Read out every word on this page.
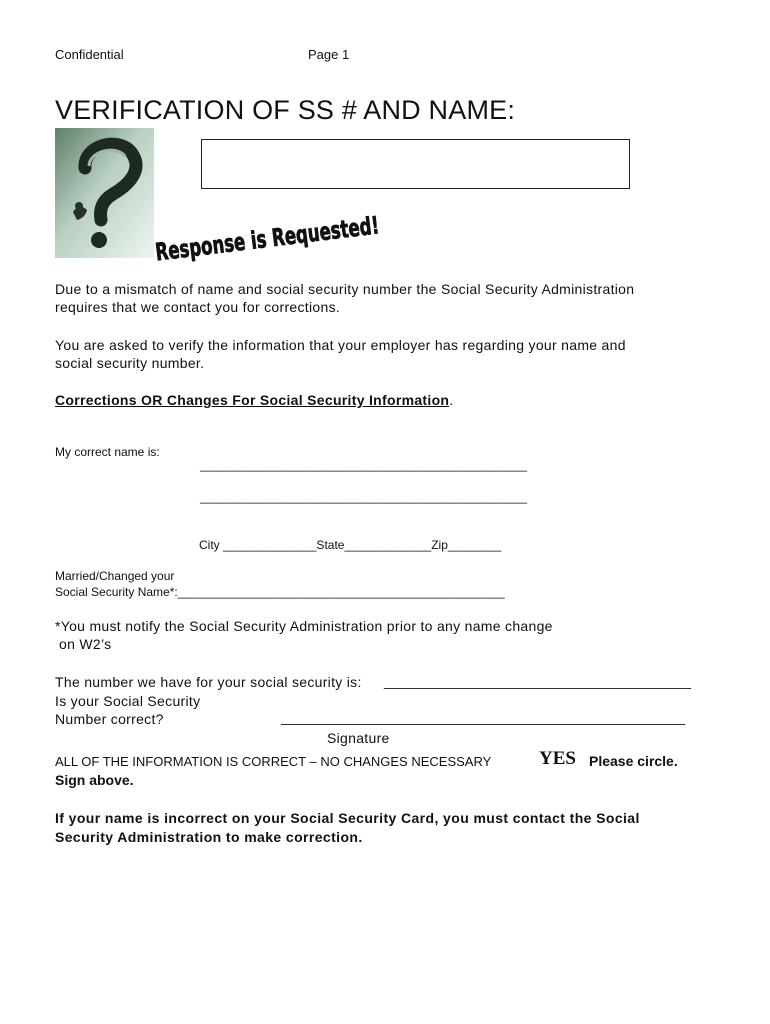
Confidential	Page 1
VERIFICATION OF SS # AND NAME:
Response is Requested!
Due to a mismatch of name and social security number the Social Security Administration
requires that we contact you for corrections.
You are asked to verify the information that your employer has regarding your name and
social security number.
Corrections OR Changes For Social Security Information.
My correct name is:
_________________________________________________
_________________________________________________
City ______________State_____________Zip________
Married/Changed your
Social Security Name*:_________________________________________________
*You must notify the Social Security Administration prior to any name change
on W2’s
The number we have for your social security is: ______________________________________
Is your Social Security
Number correct?	__________________________________________________
Signature
ALL OF THE INFORMATION IS CORRECT – NO CHANGES NECESSARY	YES Please circle.
Sign above.
If your name is incorrect on your Social Security Card, you must contact the Social
Security Administration to make correction.
